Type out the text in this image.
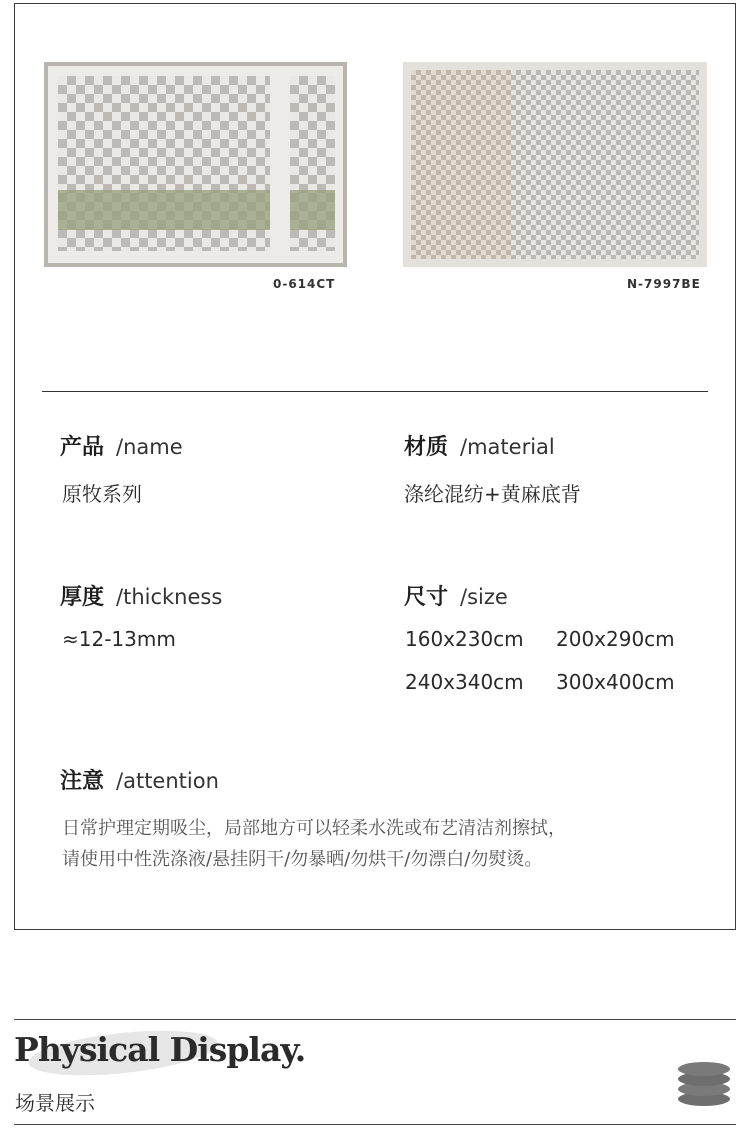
0-614CT	N-7997BE
产品 /name
原牧系列
材质 /material
涤纶混纺+黄麻底背
厚度 /thickness
≈12-13mm
尺寸 /size
160x230cm 200x290cm
240x340cm 300x400cm
注意 /attention
日常护理定期吸尘，局部地方可以轻柔水洗或布艺清洁剂擦拭，
请使用中性洗涤液/悬挂阴干/勿暴晒/勿烘干/勿漂白/勿熨烫。
Physical Display.
场景展示
